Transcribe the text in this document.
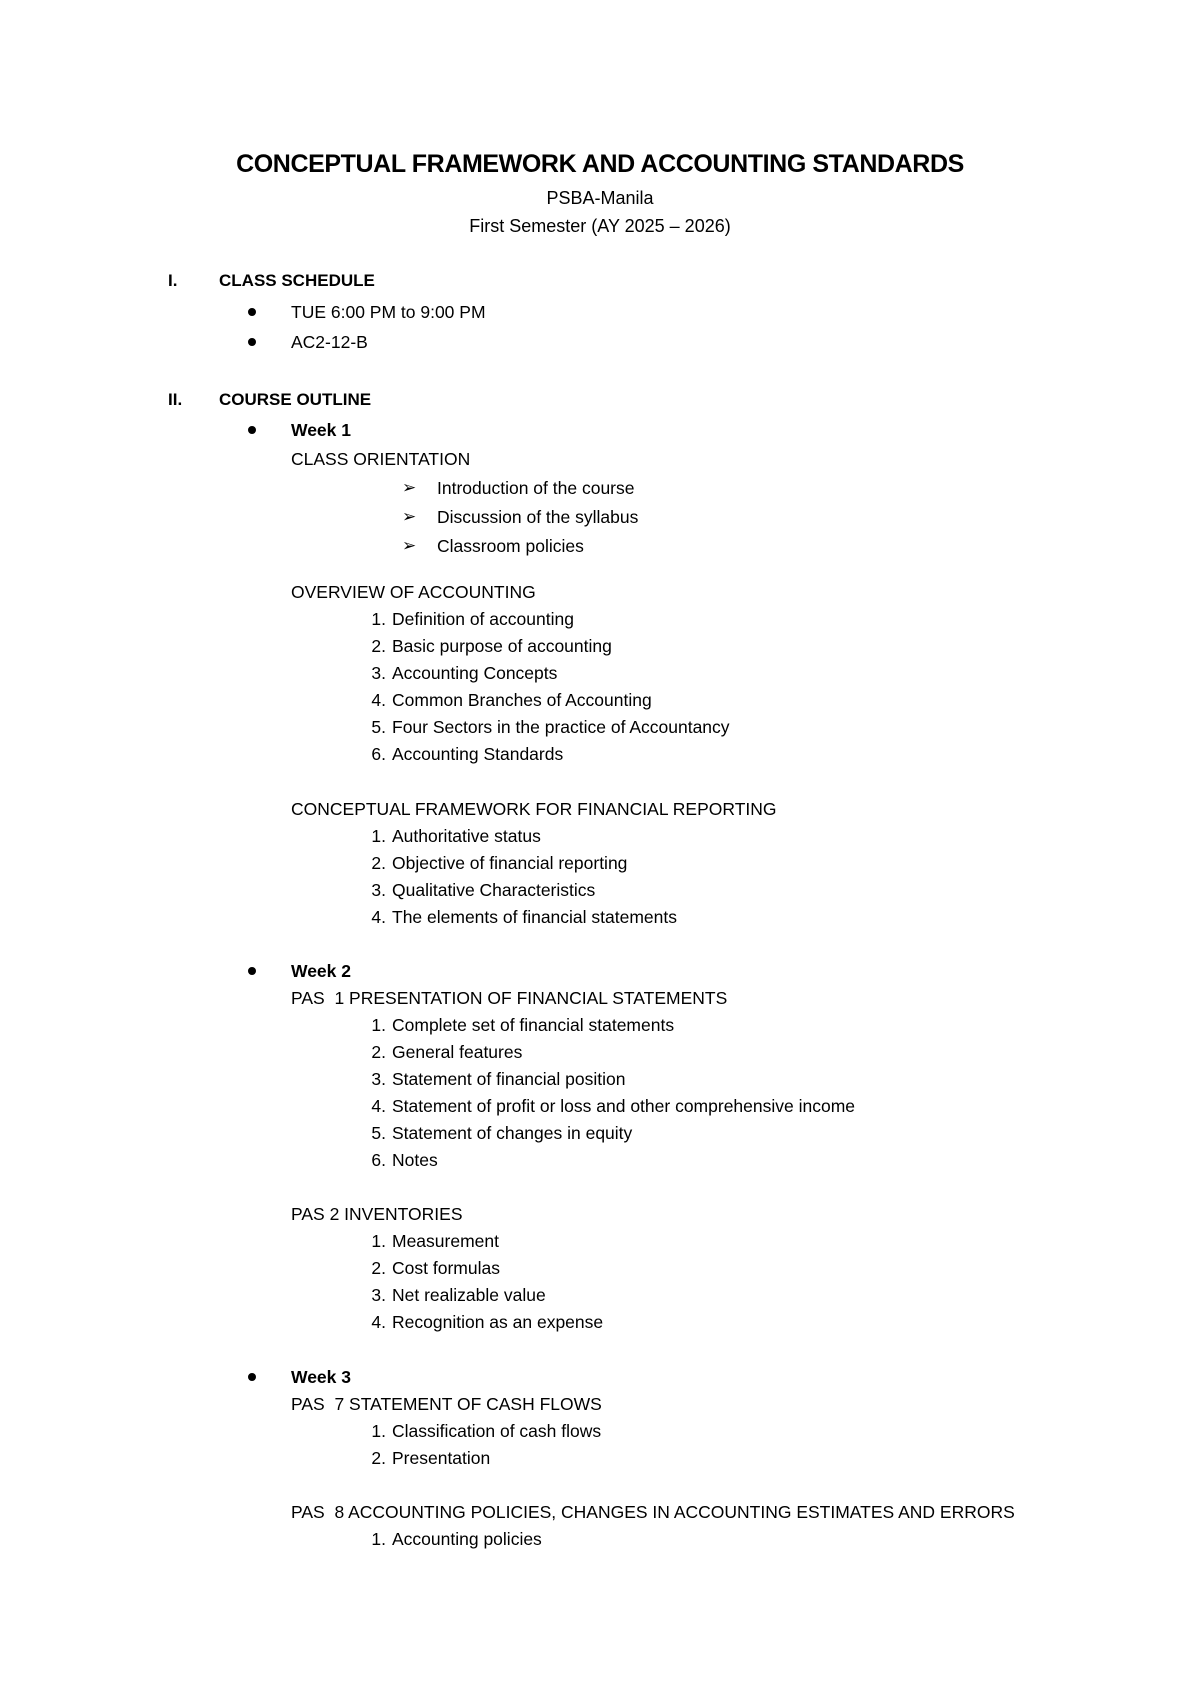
CONCEPTUAL FRAMEWORK AND ACCOUNTING STANDARDS
PSBA-Manila
First Semester (AY 2025 – 2026)
I.	CLASS SCHEDULE
TUE 6:00 PM to 9:00 PM
AC2-12-B
II.	COURSE OUTLINE
Week 1
CLASS ORIENTATION
➢ Introduction of the course
➢ Discussion of the syllabus
➢ Classroom policies
OVERVIEW OF ACCOUNTING
1. Definition of accounting
2. Basic purpose of accounting
3. Accounting Concepts
4. Common Branches of Accounting
5. Four Sectors in the practice of Accountancy
6. Accounting Standards
CONCEPTUAL FRAMEWORK FOR FINANCIAL REPORTING
1. Authoritative status
2. Objective of financial reporting
3. Qualitative Characteristics
4. The elements of financial statements
Week 2
PAS  1 PRESENTATION OF FINANCIAL STATEMENTS
1. Complete set of financial statements
2. General features
3. Statement of financial position
4. Statement of profit or loss and other comprehensive income
5. Statement of changes in equity
6. Notes
PAS 2 INVENTORIES
1. Measurement
2. Cost formulas
3. Net realizable value
4. Recognition as an expense
Week 3
PAS  7 STATEMENT OF CASH FLOWS
1. Classification of cash flows
2. Presentation
PAS  8 ACCOUNTING POLICIES, CHANGES IN ACCOUNTING ESTIMATES AND ERRORS
1. Accounting policies
